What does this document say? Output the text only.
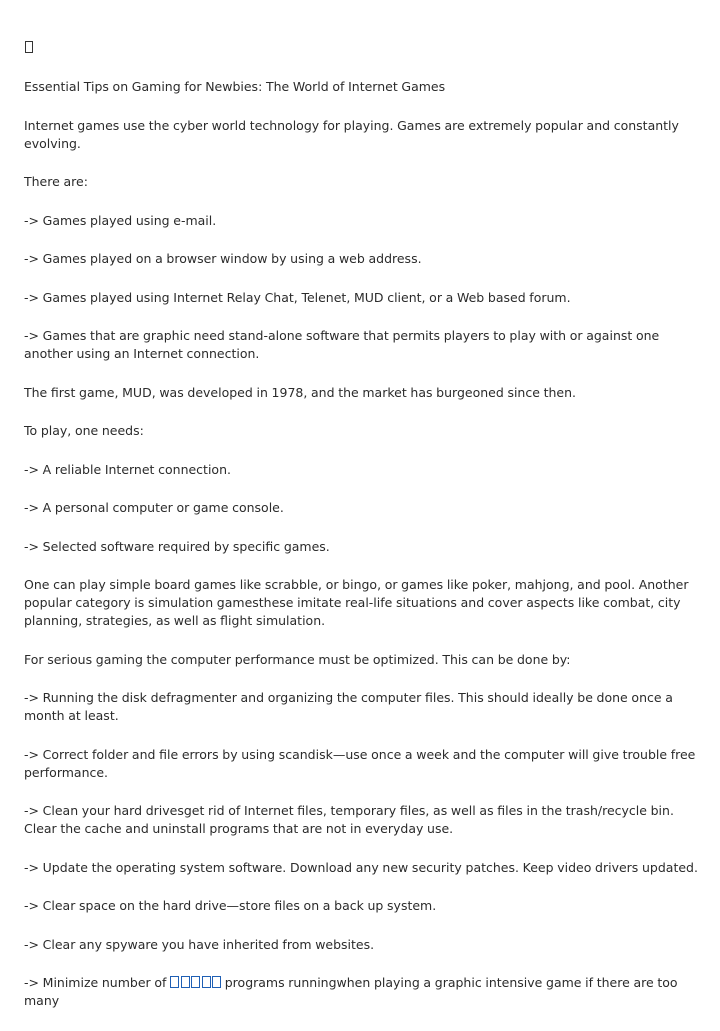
Essential Tips on Gaming for Newbies: The World of Internet Games

Internet games use the cyber world technology for playing. Games are extremely popular and constantly evolving.

There are:

-> Games played using e-mail.

-> Games played on a browser window by using a web address.

-> Games played using Internet Relay Chat, Telenet, MUD client, or a Web based forum.

-> Games that are graphic need stand-alone software that permits players to play with or against one another using an Internet connection.

The first game, MUD, was developed in 1978, and the market has burgeoned since then.

To play, one needs:

-> A reliable Internet connection.

-> A personal computer or game console.

-> Selected software required by specific games.

One can play simple board games like scrabble, or bingo, or games like poker, mahjong, and pool. Another popular category is simulation gamesthese imitate real-life situations and cover aspects like combat, city planning, strategies, as well as flight simulation.

For serious gaming the computer performance must be optimized. This can be done by:

-> Running the disk defragmenter and organizing the computer files. This should ideally be done once a month at least.

-> Correct folder and file errors by using scandisk—use once a week and the computer will give trouble free performance.

-> Clean your hard drivesget rid of Internet files, temporary files, as well as files in the trash/recycle bin. Clear the cache and uninstall programs that are not in everyday use.

-> Update the operating system software. Download any new security patches. Keep video drivers updated.

-> Clear space on the hard drive—store files on a back up system.

-> Clear any spyware you have inherited from websites.

-> Minimize number of	programs runningwhen playing a graphic intensive game if there are too many
